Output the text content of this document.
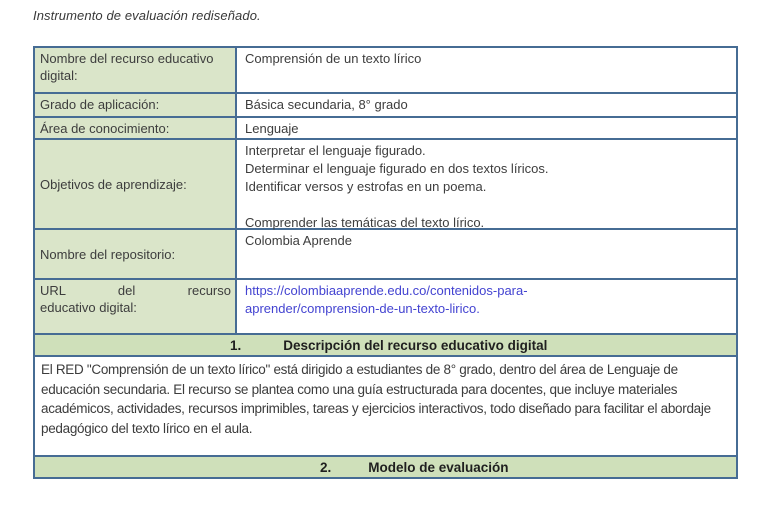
Instrumento de evaluación rediseñado.
Nombre del recurso educativo digital:
Comprensión de un texto lírico
Grado de aplicación:	Básica secundaria, 8° grado
Área de conocimiento:	Lenguaje
Objetivos de aprendizaje:
Interpretar el lenguaje figurado.
Determinar el lenguaje figurado en dos textos líricos.
Identificar versos y estrofas en un poema.
Comprender las temáticas del texto lírico.
Nombre del repositorio:
Colombia Aprende
URL del recurso
educativo digital:
https://colombiaaprende.edu.co/contenidos-para-
aprender/comprension-de-un-texto-lirico.
1.	Descripción del recurso educativo digital
El RED "Comprensión de un texto lírico" está dirigido a estudiantes de 8° grado, dentro del área de Lenguaje de educación secundaria. El recurso se plantea como una guía estructurada para docentes, que incluye materiales académicos, actividades, recursos imprimibles, tareas y ejercicios interactivos, todo diseñado para facilitar el abordaje pedagógico del texto lírico en el aula.
2.	Modelo de evaluación
